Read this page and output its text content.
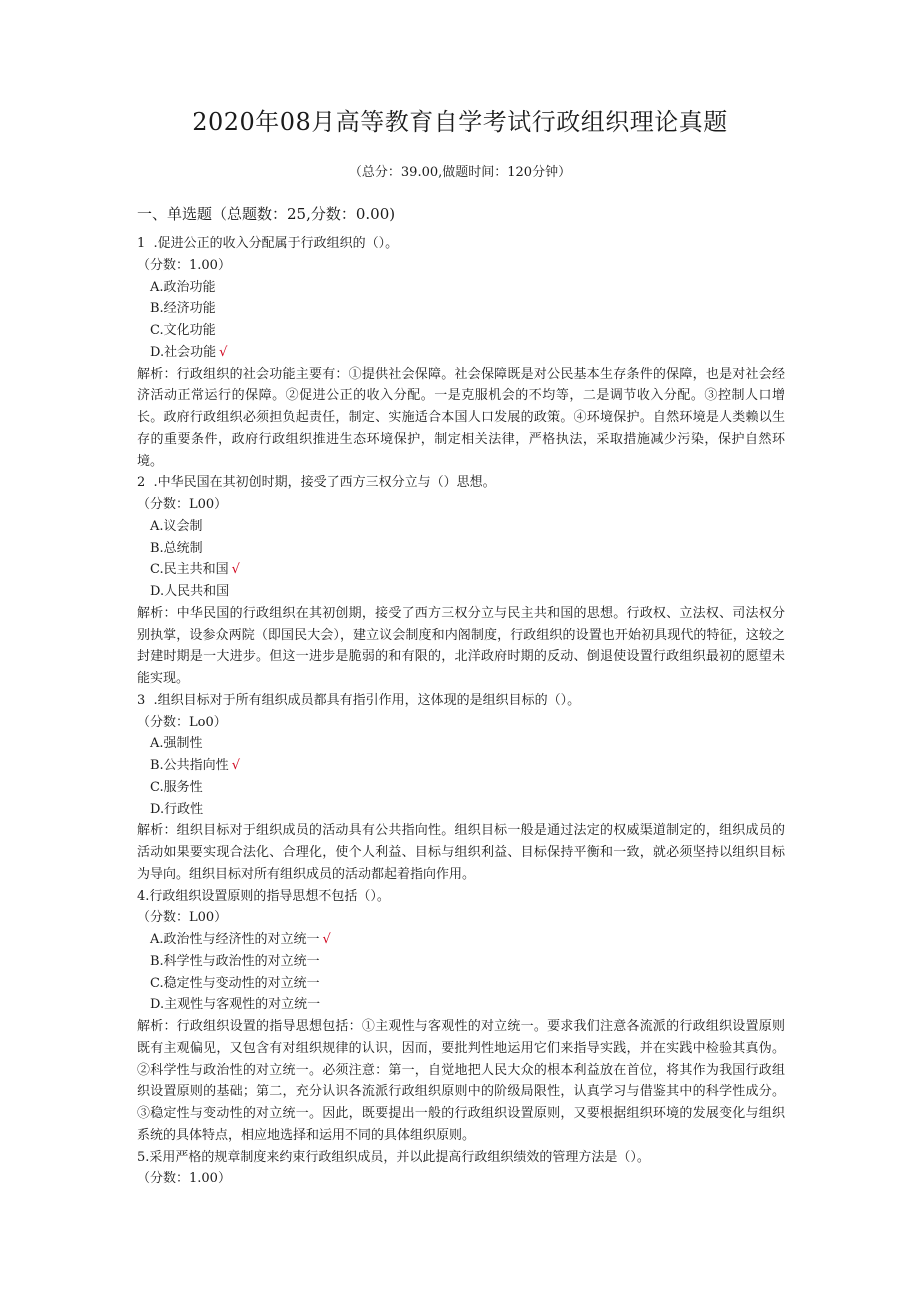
2020年08月高等教育自学考试行政组织理论真题
（总分：39.00,做题时间：120分钟）
一、单选题（总题数：25,分数：0.00)

1  .促进公正的收入分配属于行政组织的（）。

（分数：1.00）

A.政治功能

B.经济功能

C.文化功能

D.社会功能 √

解析：行政组织的社会功能主要有：①提供社会保障。社会保障既是对公民基本生存条件的保障，也是对社会经济活动正常运行的保障。②促进公正的收入分配。一是克服机会的不均等，二是调节收入分配。③控制人口增长。政府行政组织必须担负起责任，制定、实施适合本国人口发展的政策。④环境保护。自然环境是人类赖以生存的重要条件，政府行政组织推进生态环境保护，制定相关法律，严格执法，采取措施减少污染，保护自然环境。

2  .中华民国在其初创时期，接受了西方三权分立与（）思想。

（分数：L00）

A.议会制

B.总统制

C.民主共和国 √

D.人民共和国

解析：中华民国的行政组织在其初创期，接受了西方三权分立与民主共和国的思想。行政权、立法权、司法权分别执掌，设参众两院（即国民大会），建立议会制度和内阁制度，行政组织的设置也开始初具现代的特征，这较之封建时期是一大进步。但这一进步是脆弱的和有限的，北洋政府时期的反动、倒退使设置行政组织最初的愿望未能实现。

3  .组织目标对于所有组织成员都具有指引作用，这体现的是组织目标的（）。

（分数：Lo0）

A.强制性

B.公共指向性 √

C.服务性

D.行政性

解析：组织目标对于组织成员的活动具有公共指向性。组织目标一般是通过法定的权威渠道制定的，组织成员的活动如果要实现合法化、合理化，使个人利益、目标与组织利益、目标保持平衡和一致，就必须坚持以组织目标为导向。组织目标对所有组织成员的活动都起着指向作用。

4.行政组织设置原则的指导思想不包括（）。

（分数：L00）

A.政治性与经济性的对立统一 √

B.科学性与政治性的对立统一

C.稳定性与变动性的对立统一

D.主观性与客观性的对立统一

解析：行政组织设置的指导思想包括：①主观性与客观性的对立统一。要求我们注意各流派的行政组织设置原则既有主观偏见，又包含有对组织规律的认识，因而，要批判性地运用它们来指导实践，并在实践中检验其真伪。②科学性与政治性的对立统一。必须注意：第一，自觉地把人民大众的根本利益放在首位，将其作为我国行政组织设置原则的基础；第二，充分认识各流派行政组织原则中的阶级局限性，认真学习与借鉴其中的科学性成分。③稳定性与变动性的对立统一。因此，既要提出一般的行政组织设置原则，又要根据组织环境的发展变化与组织系统的具体特点，相应地选择和运用不同的具体组织原则。

5.采用严格的规章制度来约束行政组织成员，并以此提高行政组织绩效的管理方法是（）。

（分数：1.00）
